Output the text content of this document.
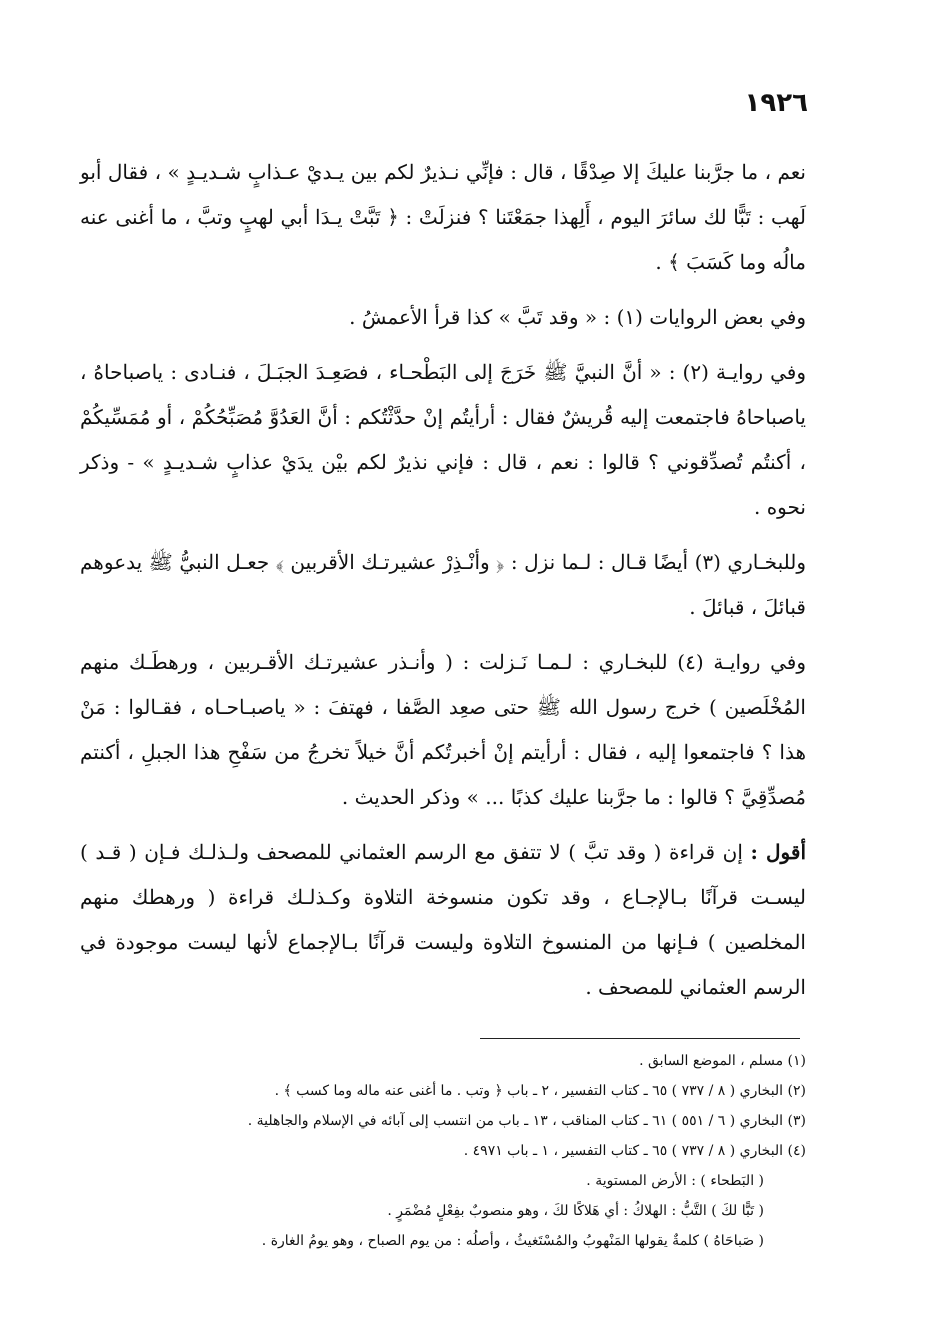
١٩٢٦

نعم ، ما جرَّبنا عليكَ إلا صِدْقًا ، قال : فإنِّي نـذيرٌ لكم بين يـديْ عـذابٍ شـديـدٍ » ، فقال أبو لَهب : تَبًّا لك سائرَ اليوم ، أَلِهذا جمَعْتَنا ؟ فنزلَتْ : ﴿ تَبَّتْ يـدَا أبي لهبٍ وتبَّ ، ما أغنى عنه مالُه وما كَسَبَ ﴾ .

وفي بعض الروايات (١) : « وقد تَبَّ » كذا قرأ الأعمشُ .

وفي روايـة (٢) : « أنَّ النبيَّ ﷺ خَرَجَ إلى البَطْحـاء ، فصَعِـدَ الجبَـلَ ، فنـادى : ياصباحاهُ ، ياصباحاهُ فاجتمعت إليه قُريشٌ فقال : أرأيتُم إنْ حدَّثْتُكم : أنَّ العَدُوَّ مُصَبِّحُكُمْ ، أو مُمَسِّيكُمْ ، أكنتُم تُصدِّقوني ؟ قالوا : نعم ، قال : فإني نذيرٌ لكم بيْن يدَيْ عذابٍ شـديـدٍ » - وذكر نحوه .

وللبخـاري (٣) أيضًا قـال : لـما نزل : ﴿ وأنْـذِرْ عشيرتـك الأقربين ﴾ جعـل النبيُّ ﷺ يدعوهم قبائلَ ، قبائلَ .

وفي روايـة (٤) للبخـاري : لـمـا نَـزلت : ( وأنـذر عشيرتـك الأقـربين ، ورهطَـك منهم المُخْلَصين ) خرج رسول الله ﷺ حتى صعِد الصَّفا ، فهتفَ : « ياصبـاحـاه ، فقـالوا : مَنْ هذا ؟ فاجتمعوا إليه ، فقال : أرأيتم إنْ أخبرتُكم أنَّ خيلاً تخرجُ من سَفْحِ هذا الجبلِ ، أكنتم مُصدِّقِيَّ ؟ قالوا : ما جرَّبنا عليك كذبًا ... » وذكر الحديث .

أقول : إن قراءة ( وقد تبَّ ) لا تتفق مع الرسم العثماني للمصحف ولـذلـك فـإن ( قـد ) ليسـت قرآنًا بـالإجـاع ، وقد تكون منسوخة التلاوة وكـذلـك قراءة ( ورهطك منهم المخلصين ) فـإنها من المنسوخ التلاوة وليست قرآنًا بـالإجماع لأنها ليست موجودة في الرسم العثماني للمصحف .

(١) مسلم ، الموضع السابق .

(٢) البخاري ( ٨ / ٧٣٧ ) ٦٥ ـ كتاب التفسير ، ٢ ـ باب ﴿ وتب . ما أغنى عنه ماله وما كسب ﴾ .

(٣) البخاري ( ٦ / ٥٥١ ) ٦١ ـ كتاب المناقب ، ١٣ ـ باب من انتسب إلى آبائه في الإسلام والجاهلية .

(٤) البخاري ( ٨ / ٧٣٧ ) ٦٥ ـ كتاب التفسير ، ١ ـ باب ٤٩٧١ .

( البَطحاء ) : الأرض المستوية .

( تَبًّا لكَ ) التَّبُّ : الهلاكُ : أي هَلاكًا لكَ ، وهو منصوبٌ بفِعْلٍ مُضْمَرٍ .

( صَباحَاهُ ) كلمةٌ يقولها المَنْهوبُ والمُسْتَغيثُ ، وأصلُه : من يوم الصباح ، وهو يومُ الغارة .
